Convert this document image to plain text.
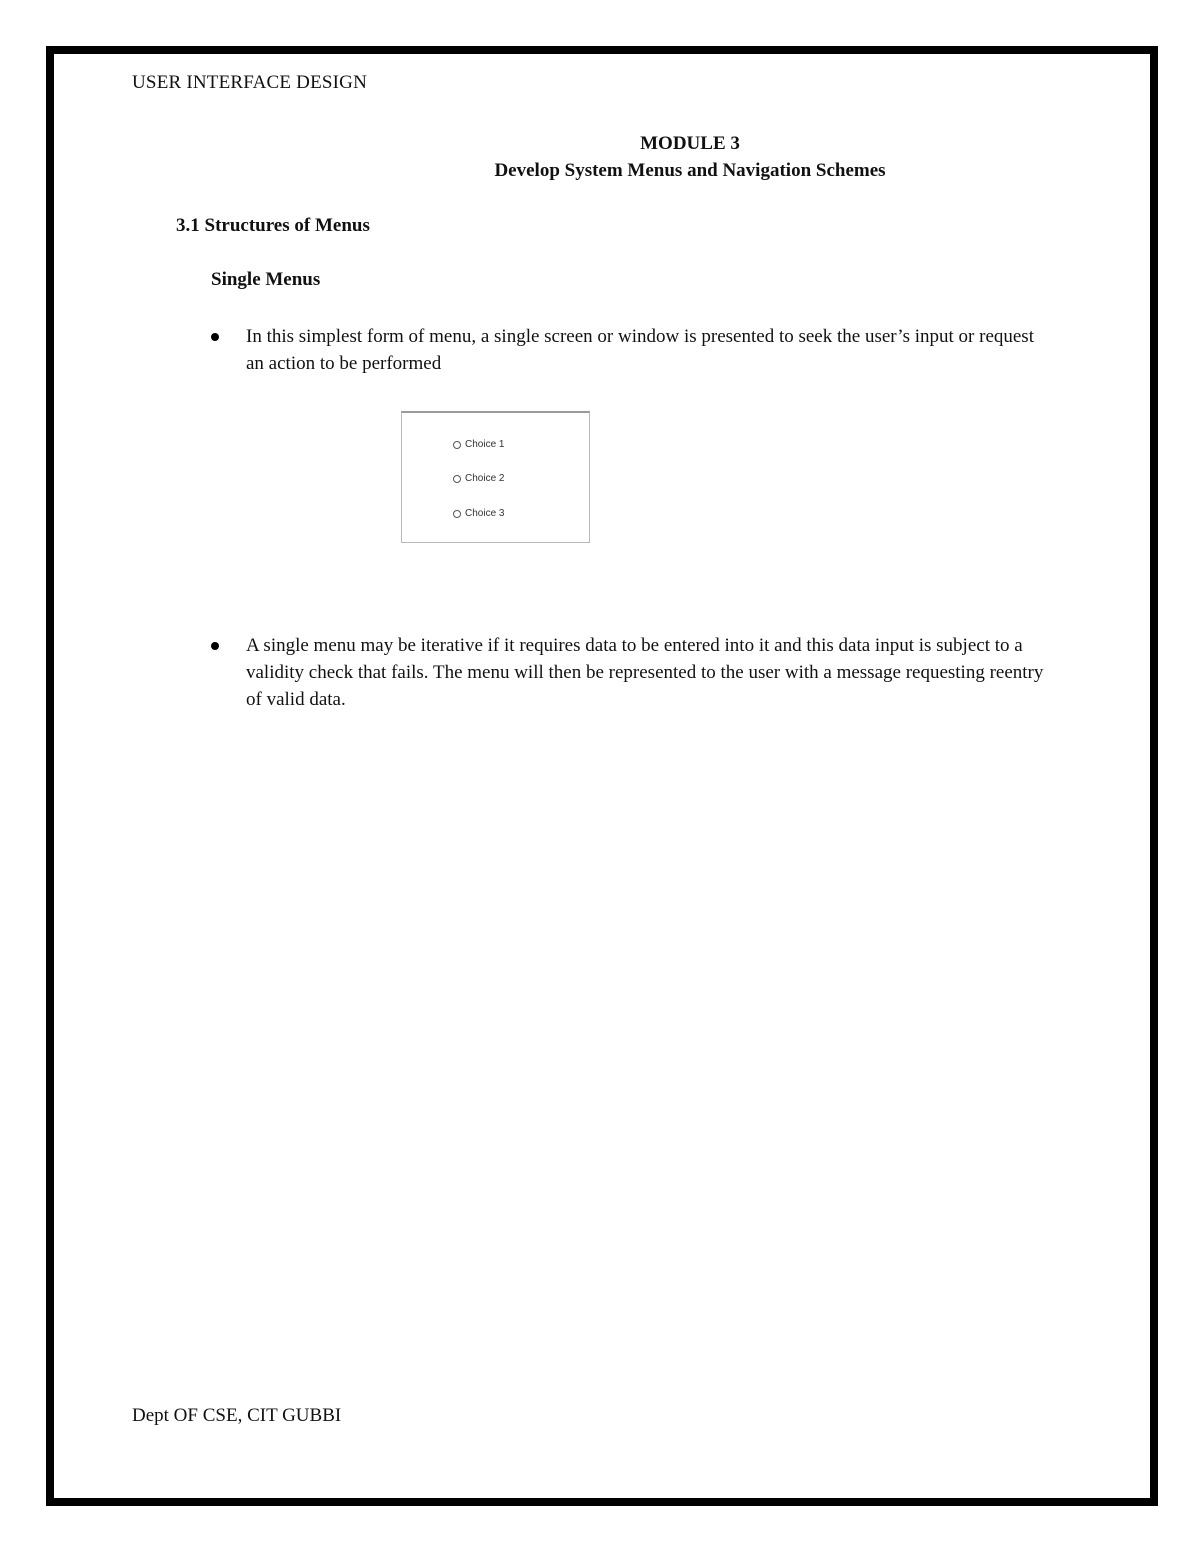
USER INTERFACE DESIGN
MODULE 3
Develop System Menus and Navigation Schemes
3.1 Structures of Menus
Single Menus
In this simplest form of menu, a single screen or window is presented to seek the user’s input or request an action to be performed
Choice 1
Choice 2
Choice 3
A single menu may be iterative if it requires data to be entered into it and this data input is subject to a validity check that fails. The menu will then be represented to the user with a message requesting reentry of valid data.
Dept OF CSE, CIT GUBBI
